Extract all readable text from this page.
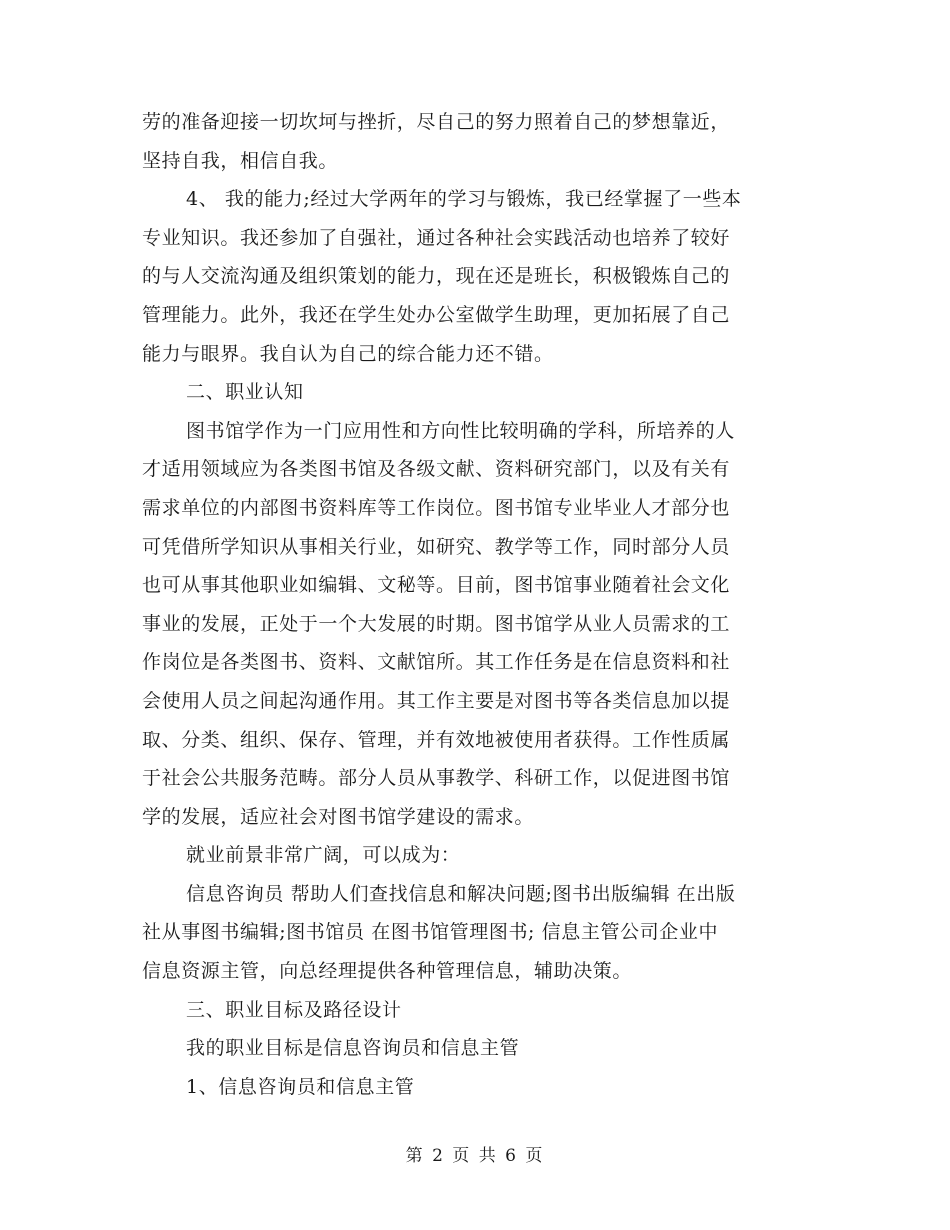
劳的准备迎接一切坎坷与挫折，尽自己的努力照着自己的梦想靠近，
坚持自我，相信自我。
4、 我的能力;经过大学两年的学习与锻炼，我已经掌握了一些本
专业知识。我还参加了自强社，通过各种社会实践活动也培养了较好
的与人交流沟通及组织策划的能力，现在还是班长，积极锻炼自己的
管理能力。此外，我还在学生处办公室做学生助理，更加拓展了自己
能力与眼界。我自认为自己的综合能力还不错。
二、职业认知
图书馆学作为一门应用性和方向性比较明确的学科，所培养的人
才适用领域应为各类图书馆及各级文献、资料研究部门，以及有关有
需求单位的内部图书资料库等工作岗位。图书馆专业毕业人才部分也
可凭借所学知识从事相关行业，如研究、教学等工作，同时部分人员
也可从事其他职业如编辑、文秘等。目前，图书馆事业随着社会文化
事业的发展，正处于一个大发展的时期。图书馆学从业人员需求的工
作岗位是各类图书、资料、文献馆所。其工作任务是在信息资料和社
会使用人员之间起沟通作用。其工作主要是对图书等各类信息加以提
取、分类、组织、保存、管理，并有效地被使用者获得。工作性质属
于社会公共服务范畴。部分人员从事教学、科研工作，以促进图书馆
学的发展，适应社会对图书馆学建设的需求。
就业前景非常广阔，可以成为：
信息咨询员 帮助人们查找信息和解决问题;图书出版编辑 在出版
社从事图书编辑;图书馆员 在图书馆管理图书; 信息主管公司企业中
信息资源主管，向总经理提供各种管理信息，辅助决策。
三、职业目标及路径设计
我的职业目标是信息咨询员和信息主管
1、信息咨询员和信息主管
第 2 页 共 6 页
